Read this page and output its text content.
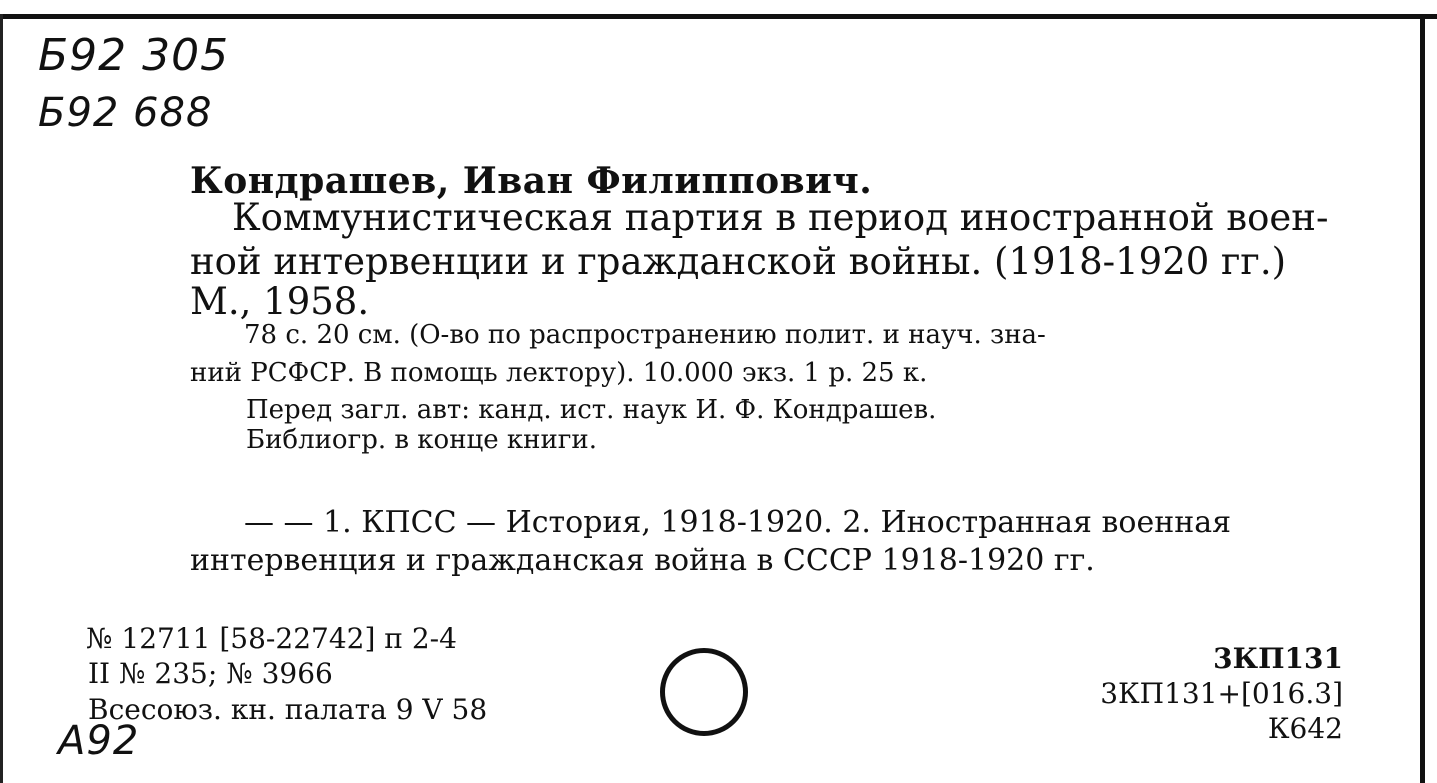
Б92 305
Б92 688
Кондрашев, Иван Филиппович.
Коммунистическая партия в период иностранной воен-
ной интервенции и гражданской войны. (1918-1920 гг.)
М., 1958.
78 с. 20 см. (О-во по распространению полит. и науч. зна-
ний РСФСР. В помощь лектору). 10.000 экз. 1 р. 25 к.
Перед загл. авт: канд. ист. наук И. Ф. Кондрашев.
Библиогр. в конце книги.
— — 1. КПСС — История, 1918-1920. 2. Иностранная военная
интервенция и гражданская война в СССР 1918-1920 гг.
№ 12711 [58-22742] п 2-4
II № 235; № 3966
Всесоюз. кн. палата 9 V 58
3КП131
3КП131+[016.3]
К642
А92
